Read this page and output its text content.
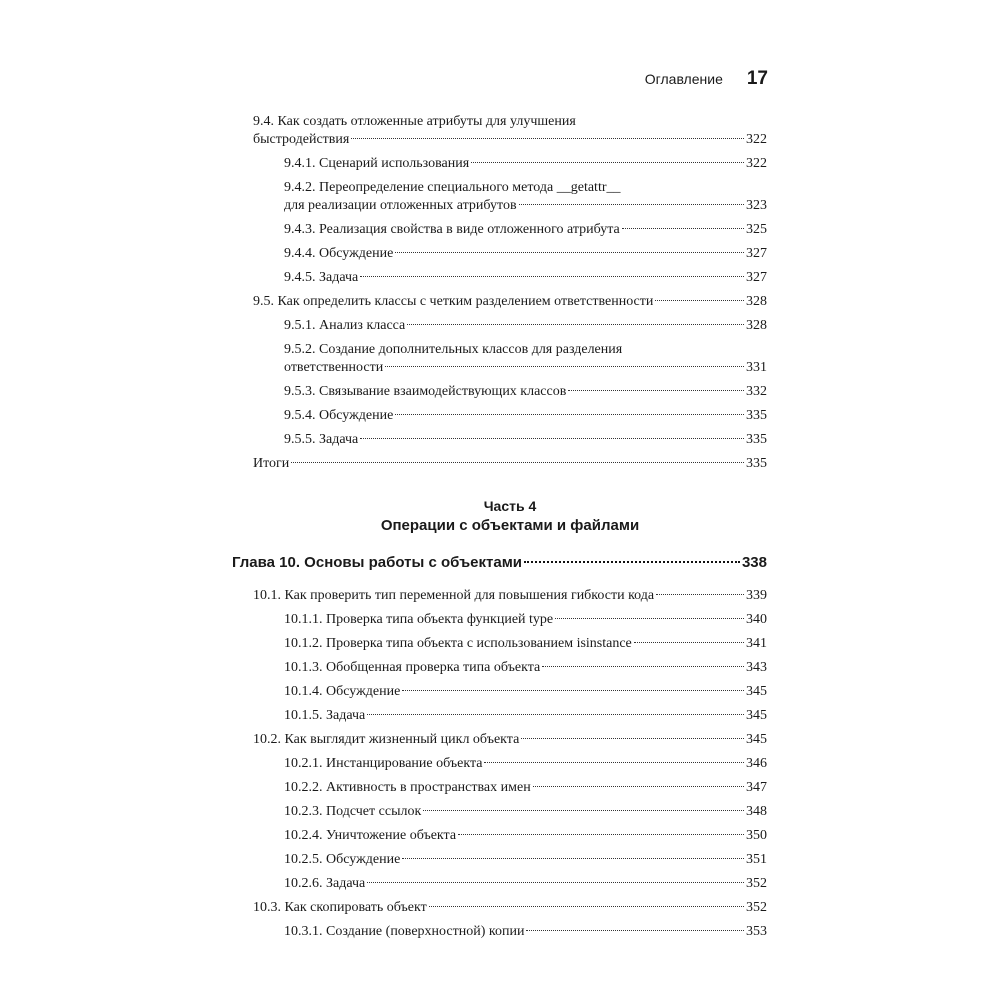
Оглавление 17
9.4. Как создать отложенные атрибуты для улучшения
быстродействия	322
9.4.1. Сценарий использования	322
9.4.2. Переопределение специального метода __getattr__
для реализации отложенных атрибутов	323
9.4.3. Реализация свойства в виде отложенного атрибута	325
9.4.4. Обсуждение	327
9.4.5. Задача	327
9.5. Как определить классы с четким разделением ответственности	328
9.5.1. Анализ класса	328
9.5.2. Создание дополнительных классов для разделения
ответственности	331
9.5.3. Связывание взаимодействующих классов	332
9.5.4. Обсуждение	335
9.5.5. Задача	335
Итоги	335
Часть 4
Операции с объектами и файлами
Глава 10. Основы работы с объектами	338
10.1. Как проверить тип переменной для повышения гибкости кода	339
10.1.1. Проверка типа объекта функцией type	340
10.1.2. Проверка типа объекта с использованием isinstance	341
10.1.3. Обобщенная проверка типа объекта	343
10.1.4. Обсуждение	345
10.1.5. Задача	345
10.2. Как выглядит жизненный цикл объекта	345
10.2.1. Инстанцирование объекта	346
10.2.2. Активность в пространствах имен	347
10.2.3. Подсчет ссылок	348
10.2.4. Уничтожение объекта	350
10.2.5. Обсуждение	351
10.2.6. Задача	352
10.3. Как скопировать объект	352
10.3.1. Создание (поверхностной) копии	353
